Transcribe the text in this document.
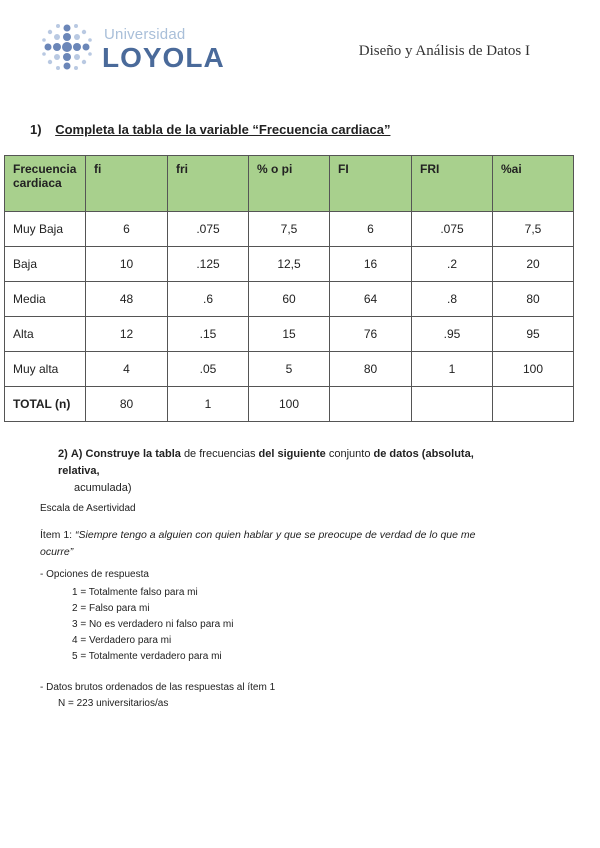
Universidad
LOYOLA	Diseño y Análisis de Datos I
1) Completa la tabla de la variable “Frecuencia cardiaca”
Frecuencia cardiaca	fi	fri	% o pi	FI	FRI	%ai
Muy Baja	6	.075	7,5	6	.075	7,5
Baja	10	.125	12,5	16	.2	20
Media	48	.6	60	64	.8	80
Alta	12	.15	15	76	.95	95
Muy alta	4	.05	5	80	1	100
TOTAL (n)	80	1	100			
2) A) Construye la tabla de frecuencias del siguiente conjunto de datos (absoluta, relativa,
acumulada)
Escala de Asertividad
Ítem 1: “Siempre tengo a alguien con quien hablar y que se preocupe de verdad de lo que me ocurre”
- Opciones de respuesta
1 = Totalmente falso para mi
2 = Falso para mi
3 = No es verdadero ni falso para mi
4 = Verdadero para mi
5 = Totalmente verdadero para mi
- Datos brutos ordenados de las respuestas al ítem 1
N = 223 universitarios/as
